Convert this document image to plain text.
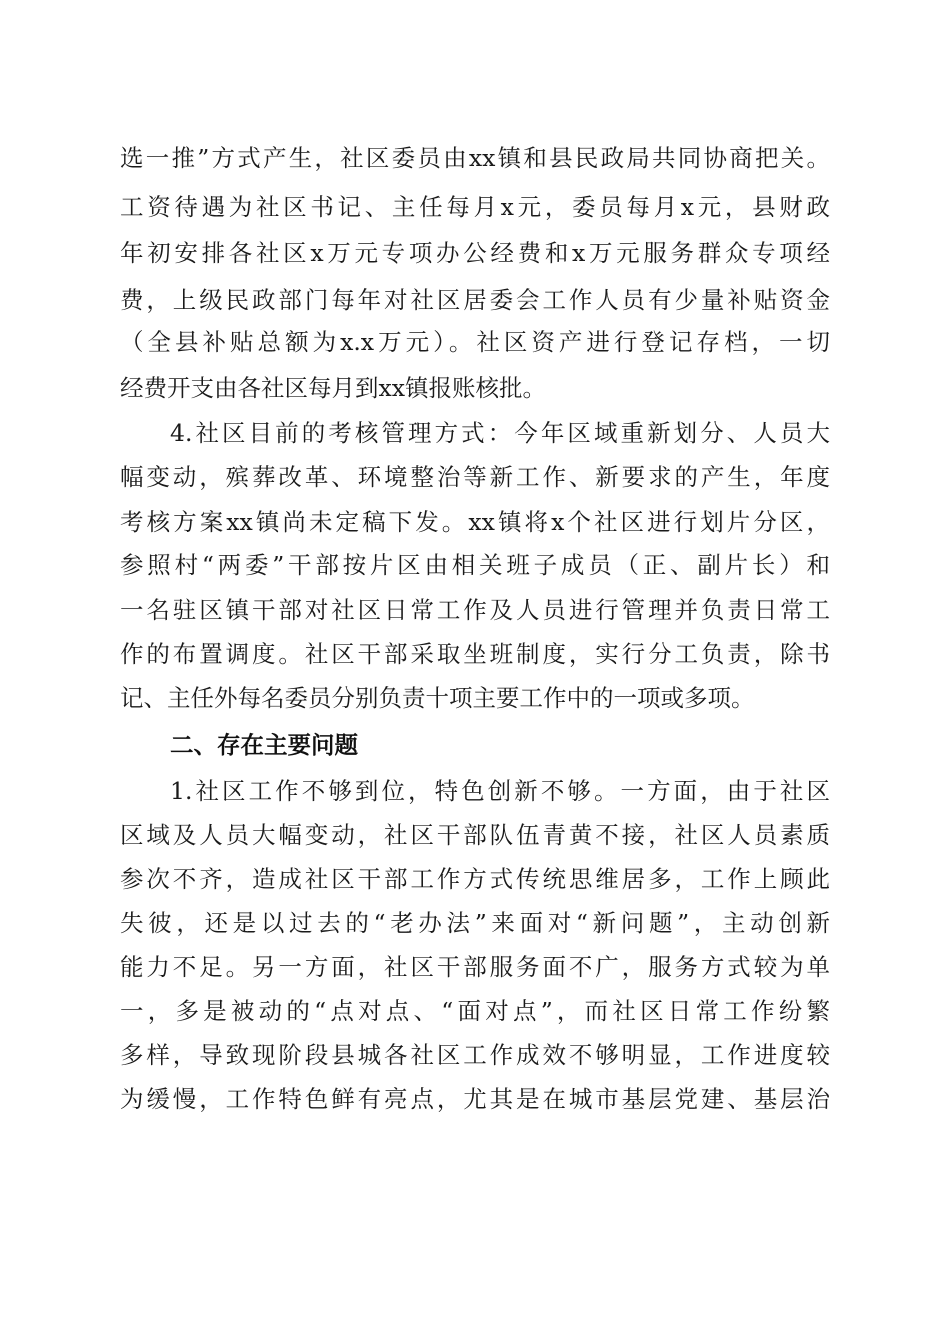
选一推”方式产生，社区委员由xx镇和县民政局共同协商把关。
工资待遇为社区书记、主任每月x元，委员每月x元，县财政
年初安排各社区x万元专项办公经费和x万元服务群众专项经
费，上级民政部门每年对社区居委会工作人员有少量补贴资金
（全县补贴总额为x.x万元）。社区资产进行登记存档，一切
经费开支由各社区每月到xx镇报账核批。
4.社区目前的考核管理方式：今年区域重新划分、人员大
幅变动，殡葬改革、环境整治等新工作、新要求的产生，年度
考核方案xx镇尚未定稿下发。xx镇将x个社区进行划片分区，
参照村“两委”干部按片区由相关班子成员（正、副片长）和
一名驻区镇干部对社区日常工作及人员进行管理并负责日常工
作的布置调度。社区干部采取坐班制度，实行分工负责，除书
记、主任外每名委员分别负责十项主要工作中的一项或多项。
二、存在主要问题
1.社区工作不够到位，特色创新不够。一方面，由于社区
区域及人员大幅变动，社区干部队伍青黄不接，社区人员素质
参次不齐，造成社区干部工作方式传统思维居多，工作上顾此
失彼，还是以过去的“老办法”来面对“新问题”，主动创新
能力不足。另一方面，社区干部服务面不广，服务方式较为单
一，多是被动的“点对点、“面对点”，而社区日常工作纷繁
多样，导致现阶段县城各社区工作成效不够明显，工作进度较
为缓慢，工作特色鲜有亮点，尤其是在城市基层党建、基层治
